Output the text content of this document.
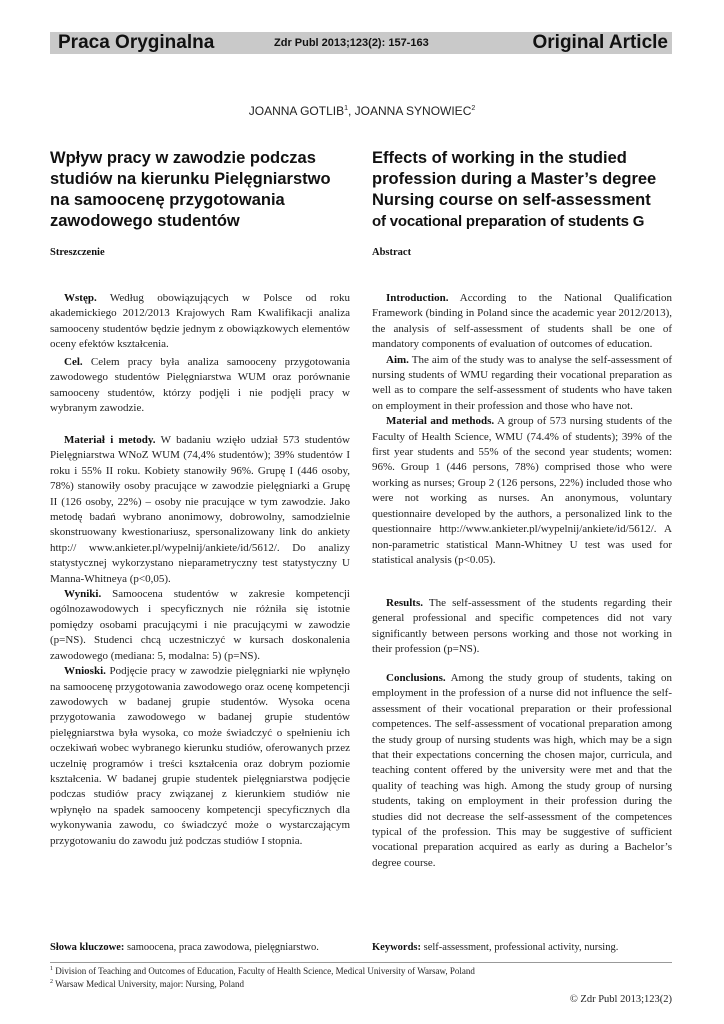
Praca Oryginalna	Zdr Publ 2013;123(2): 157-163	Original Article
JOANNA GOTLIB$^1$, JOANNA SYNOWIEC$^2$
Wpływ pracy w zawodzie podczas studiów na kierunku Pielęgniarstwo na samoocenę przygotowania zawodowego studentów
Effects of working in the studied profession during a Master’s degree Nursing course on self-assessment
of vocational preparation of students G
Streszczenie	Abstract

Wstęp. Według obowiązujących w Polsce od roku akademickiego 2012/2013 Krajowych Ram Kwalifikacji analiza samooceny studentów będzie jednym z obowiązkowych elementów oceny efektów kształcenia.

Cel. Celem pracy była analiza samooceny przygotowania zawodowego studentów Pielęgniarstwa WUM oraz porównanie samooceny studentów, którzy podjęli i nie podjęli pracy w wybranym zawodzie.

Materiał i metody. W badaniu wzięło udział 573 studentów Pielęgniarstwa WNoZ WUM (74,4% studentów); 39% studentów I roku i 55% II roku. Kobiety stanowiły 96%. Grupę I (446 osoby, 78%) stanowiły osoby pracujące w zawodzie pielęgniarki a Grupę II (126 osoby, 22%) – osoby nie pracujące w tym zawodzie. Jako metodę badań wybrano anonimowy, dobrowolny, samodzielnie skonstruowany kwestionariusz, spersonalizowany link do ankiety http:// www.ankieter.pl/wypelnij/ankiete/id/5612/. Do analizy statystycznej wykorzystano nieparametryczny test statystyczny U Manna-Whitneya (p<0,05).

Wyniki. Samoocena studentów w zakresie kompetencji ogólnozawodowych i specyficznych nie różniła się istotnie pomiędzy osobami pracującymi i nie pracującymi w zawodzie (p=NS). Studenci chcą uczestniczyć w kursach doskonalenia zawodowego (mediana: 5, modalna: 5) (p=NS).

Wnioski. Podjęcie pracy w zawodzie pielęgniarki nie wpłynęło na samoocenę przygotowania zawodowego oraz ocenę kompetencji zawodowych w badanej grupie studentów. Wysoka ocena przygotowania zawodowego w badanej grupie studentów pielęgniarstwa była wysoka, co może świadczyć o spełnieniu ich oczekiwań wobec wybranego kierunku studiów, oferowanych przez uczelnię programów i treści kształcenia oraz dobrym poziomie kształcenia. W badanej grupie studentek pielęgniarstwa podjęcie podczas studiów pracy związanej z kierunkiem studiów nie wpłynęło na spadek samooceny kompetencji specyficznych dla wykonywania zawodu, co świadczyć może o wystarczającym przygotowaniu do zawodu już podczas studiów I stopnia.

Introduction. According to the National Qualification Framework (binding in Poland since the academic year 2012/2013), the analysis of self-assessment of students shall be one of mandatory components of evaluation of outcomes of education.

Aim. The aim of the study was to analyse the self-assessment of nursing students of WMU regarding their vocational preparation as well as to compare the self-assessment of students who have taken on employment in their profession and those who have not.

Material and methods. A group of 573 nursing students of the Faculty of Health Science, WMU (74.4% of students); 39% of the first year students and 55% of the second year students; women: 96%. Group 1 (446 persons, 78%) comprised those who were working as nurses; Group 2 (126 persons, 22%) included those who were not working as nurses. An anonymous, voluntary questionnaire developed by the authors, a personalized link to the questionnaire http://www.ankieter.pl/wypelnij/ankiete/id/5612/. A non-parametric statistical Mann-Whitney U test was used for statistical analysis (p<0.05).

Results. The self-assessment of the students regarding their general professional and specific competences did not vary significantly between persons working and those not working in their profession (p=NS).

Conclusions. Among the study group of students, taking on employment in the profession of a nurse did not influence the self-assessment of their vocational preparation or their professional competences. The self-assessment of vocational preparation among the study group of nursing students was high, which may be a sign that their expectations concerning the chosen major, curricula, and teaching content offered by the university were met and that the quality of teaching was high. Among the study group of nursing students, taking on employment in their profession during the studies did not decrease the self-assessment of the competences typical of the profession. This may be suggestive of sufficient vocational preparation acquired as early as during a Bachelor’s degree course.

Słowa kluczowe: samoocena, praca zawodowa, pielęgniarstwo.	Keywords: self-assessment, professional activity, nursing.
$^1$ Division of Teaching and Outcomes of Education, Faculty of Health Science, Medical University of Warsaw, Poland
$^2$ Warsaw Medical University, major: Nursing, Poland
© Zdr Publ 2013;123(2)
